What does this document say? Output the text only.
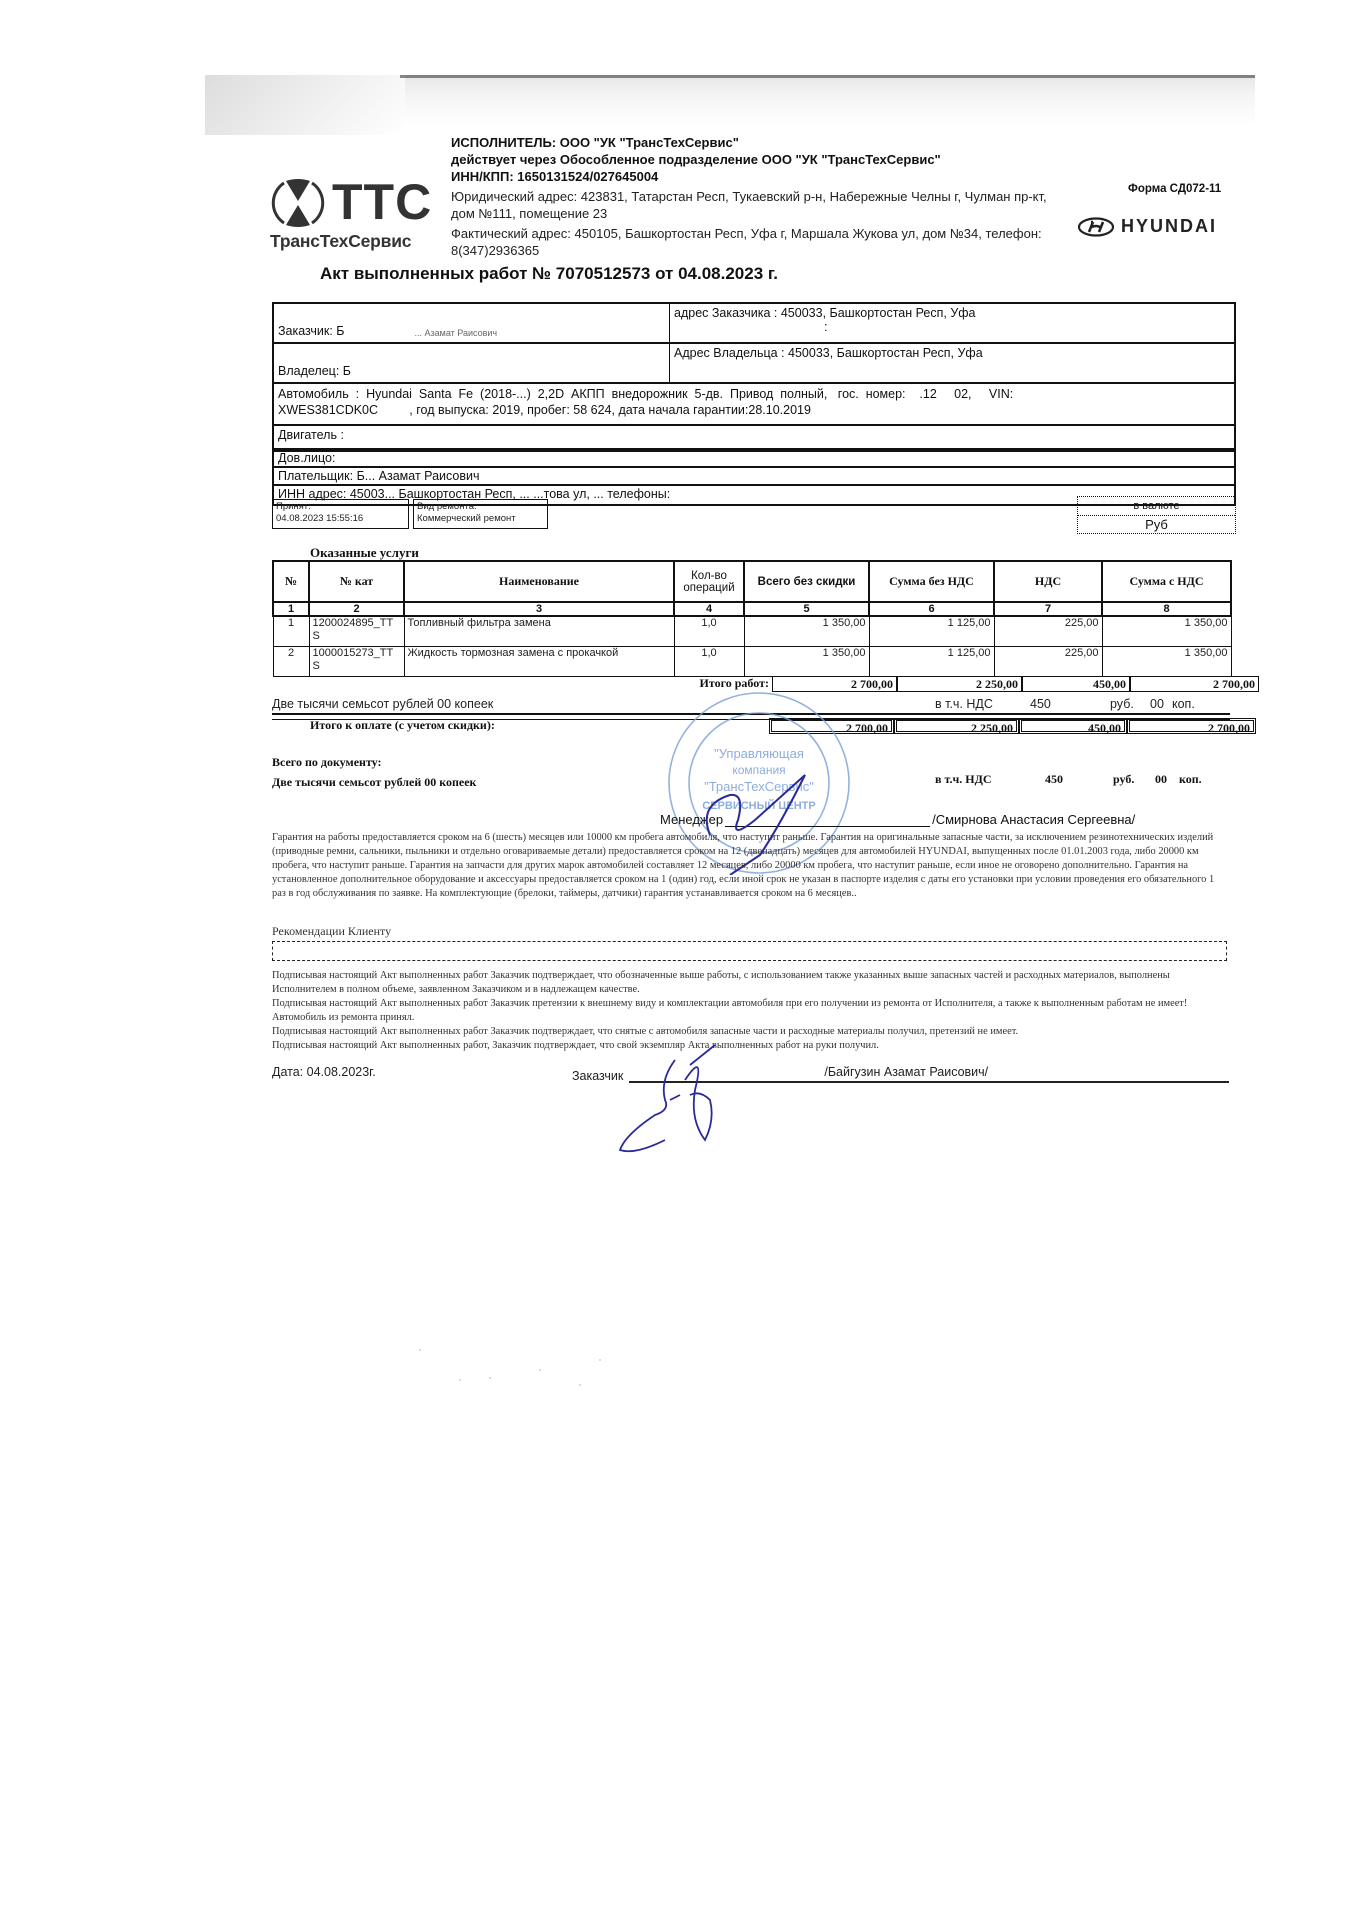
TTC
ТрансТехСервис
ИСПОЛНИТЕЛЬ: ООО "УК "ТрансТехСервис"
действует через Обособленное подразделение ООО "УК "ТрансТехСервис"
ИНН/КПП: 1650131524/027645004
Юридический адрес: 423831, Татарстан Респ, Тукаевский р-н, Набережные Челны г, Чулман пр-кт, дом №111, помещение 23
Фактический адрес: 450105, Башкортостан Респ, Уфа г, Маршала Жукова ул, дом №34, телефон: 8(347)2936365
Форма СД072-11
HYUNDAI
Акт выполненных работ № 7070512573 от 04.08.2023 г.
Заказчик: Б	... Азамат Раисович
адрес Заказчика : 450033, Башкортостан Респ, Уфа
:
Владелец: Б
Адрес Владельца : 450033, Башкортостан Респ, Уфа
Автомобиль  :  Hyundai  Santa  Fe  (2018-...)  2,2D  АКПП  внедорожник  5-дв.  Привод  полный,   гос.  номер:    .12     02,     VIN:
XWES381CDK0C         , год выпуска: 2019, пробег: 58 624, дата начала гарантии:28.10.2019
Двигатель :
Дов.лицо:
Плательщик: Б... Азамат Раисович
ИНН адрес: 45003... Башкортостан Респ, ... ...това ул, ... телефоны:
Принят:
04.08.2023 15:55:16
Вид ремонта:
Коммерческий ремонт
в валюте
Руб
Оказанные услуги
№	№ кат	Наименование	Кол-во операций	Всего без скидки	Сумма без НДС	НДС	Сумма с НДС
1	2	3	4	5	6	7	8
1	1200024895_TTS	Топливный фильтра замена	1,0	1 350,00	1 125,00	225,00	1 350,00
2	1000015273_TTS	Жидкость тормозная замена с прокачкой	1,0	1 350,00	1 125,00	225,00	1 350,00
Итого работ:	2 700,00	2 250,00	450,00	2 700,00
Две тысячи семьсот рублей 00 копеек	в т.ч. НДС	450	руб.	00 коп.
Итого к оплате (с учетом скидки):	2 700,00	2 250,00	450,00	2 700,00
Всего по документу:
Две тысячи семьсот рублей 00 копеек	в т.ч. НДС	450	руб.	00	коп.
"Управляющая
компания
"ТрансТехСервис"
СЕРВИСНЫЙ ЦЕНТР
Менеджер	/Смирнова Анастасия Сергеевна/
Гарантия на работы предоставляется сроком на 6 (шесть) месяцев или 10000 км пробега автомобиля, что наступит раньше. Гарантия на оригинальные запасные части, за исключением резинотехнических изделий (приводные ремни, сальники, пыльники и отдельно оговариваемые детали) предоставляется сроком на 12 (двенадцать) месяцев для автомобилей HYUNDAI, выпущенных после 01.01.2003 года, либо 20000 км пробега, что наступит раньше. Гарантия на запчасти для других марок автомобилей составляет 12 месяцев, либо 20000 км пробега, что наступит раньше, если иное не оговорено дополнительно. Гарантия на установленное дополнительное оборудование и аксессуары предоставляется сроком на 1 (один) год, если иной срок не указан в паспорте изделия с даты его установки при условии проведения его обязательного 1 раз в год обслуживания по заявке. На комплектующие (брелоки, таймеры, датчики) гарантия устанавливается сроком на 6 месяцев..
Рекомендации Клиенту
Подписывая настоящий Акт выполненных работ Заказчик подтверждает, что обозначенные выше работы, с использованием также указанных выше запасных частей и расходных материалов, выполнены Исполнителем в полном объеме, заявленном Заказчиком и в надлежащем качестве.
Подписывая настоящий Акт выполненных работ Заказчик претензии к внешнему виду и комплектации автомобиля при его получении из ремонта от Исполнителя, а также к выполненным работам не имеет! Автомобиль из ремонта принял.
Подписывая настоящий Акт выполненных работ Заказчик подтверждает, что снятые с автомобиля запасные части и расходные материалы получил, претензий не имеет.
Подписывая настоящий Акт выполненных работ, Заказчик подтверждает, что свой экземпляр Акта выполненных работ на руки получил.
Дата: 04.08.2023г.	Заказчик	/Байгузин Азамат Раисович/
